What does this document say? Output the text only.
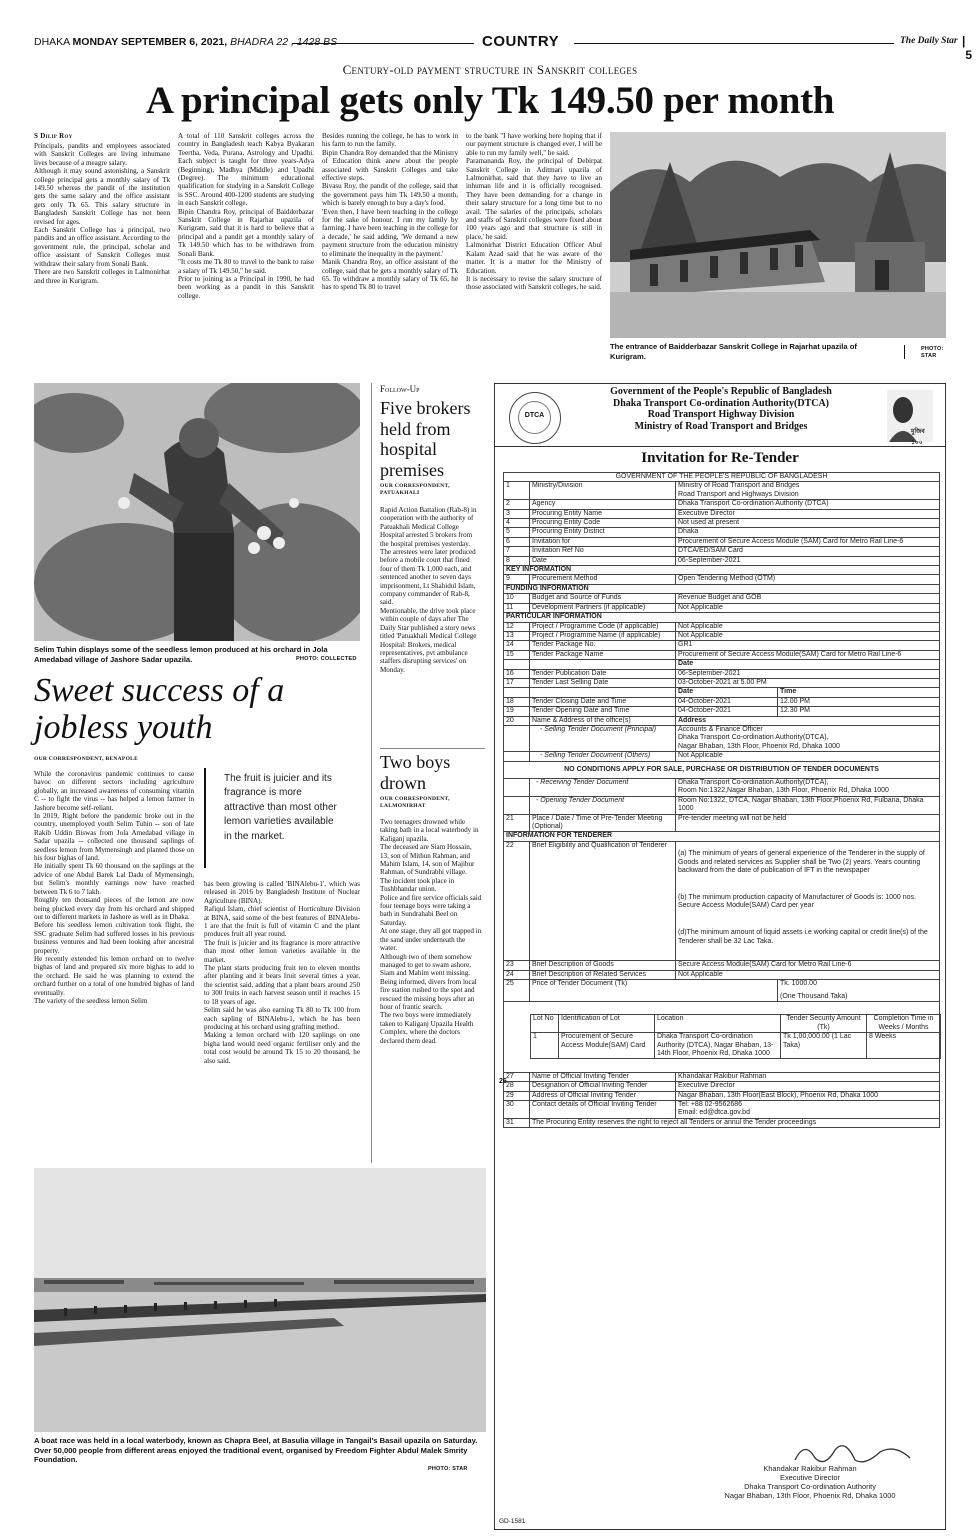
DHAKA MONDAY SEPTEMBER 6, 2021, BHADRA 22 , 1428 BS	COUNTRY	The Daily Star | 5
Century-old payment structure in Sanskrit colleges
A principal gets only Tk 149.50 per month
S Dilip Roy
Principals, pandits and employees associated with Sanskrit Colleges are living inhumane lives because of a meagre salary.
Although it may sound astonishing, a Sanskrit college principal gets a monthly salary of Tk 149.50 whereas the pandit of the institution gets the same salary and the office assistant gets only Tk 65. This salary structure in Bangladesh Sanskrit College has not been revised for ages.
Each Sanskrit College has a principal, two pandits and an office assistant. According to the government rule, the principal, scholar and office assistant of Sanskrit Colleges must withdraw their salary from Sonali Bank.
There are two Sanskrit colleges in Lalmonirhat and three in Kurigram.
A total of 110 Sanskrit colleges across the country in Bangladesh teach Kabya Byakaran Teertha, Veda, Purana, Astrology and Upadhi. Each subject is taught for three years-Adya (Beginning), Madhya (Middle) and Upadhi (Degree). The minimum educational qualification for studying in a Sanskrit College is SSC. Around 400-1200 students are studying in each Sanskrit college.
Bipin Chandra Roy, principal of Baidderbazar Sanskrit College in Rajarhat upazila of Kurigram, said that it is hard to believe that a principal and a pandit get a monthly salary of Tk 149.50 which has to be withdrawn from Sonali Bank.
"It costs me Tk 80 to travel to the bank to raise a salary of Tk 149.50," he said.
Prior to joining as a Principal in 1990, he had been working as a pandit in this Sanskrit college.
Besides running the college, he has to work in his farm to run the family.
Bipin Chandra Roy demanded that the Ministry of Education think anew about the people associated with Sanskrit Colleges and take effective steps.
Bivasu Roy, the pandit of the college, said that the government pays him Tk 149.50 a month, which is barely enough to buy a day's food.
'Even then, I have been teaching in the college for the sake of honour. I run my family by farming. I have been teaching in the college for a decade,' he said adding, 'We demand a new payment structure from the education ministry to eliminate the inequality in the payment.'
Manik Chandra Roy, an office assistant of the college, said that he gets a monthly salary of Tk 65. To withdraw a monthly salary of Tk 65, he has to spend Tk 80 to travel
to the bank "I have working here hoping that if our payment structure is changed ever, I will be able to run my family well," he said.
Paramananda Roy, the principal of Debirpat Sanskrit College in Aditmari upazila of Lalmonirhat, said that they have to live an inhuman life and it is officially recognised. They have been demanding for a change in their salary structure for a long time but to no avail. 'The salaries of the principals, scholars and staffs of Sanskrit colleges were fixed about 100 years ago and that structure is still in place,' he said.
Lalmonirhat District Education Officer Abul Kalam Azad said that he was aware of the matter. It is a matter for the Ministry of Education.
It is necessary to revise the salary structure of those associated with Sanskrit colleges, he said.
The entrance of Baidderbazar Sanskrit College in Rajarhat upazila of Kurigram.
PHOTO: STAR
Selim Tuhin displays some of the seedless lemon produced at his orchard in Jola Amedabad village of Jashore Sadar upazila.	PHOTO: COLLECTED
Sweet success of a jobless youth
OUR CORRESPONDENT, BENAPOLE
While the coronavirus pandemic continues to cause havoc on different sectors including agriculture globally, an increased awareness of consuming vitamin C -- to fight the virus -- has helped a lemon farmer in Jashore become self-reliant.
In 2019, Right before the pandemic broke out in the country, unemployed youth Selim Tuhin -- son of late Rakib Uddin Biswas from Jola Amedabad village in Sadar upazila -- collected one thousand saplings of seedless lemon from Mymensingh and planted those on his four bighas of land.
He initially spent Tk 60 thousand on the saplings at the advice of one Abdul Barek Lal Dadu of Mymensingh, but Selim's monthly earnings now have reached between Tk 6 to 7 lakh.
Roughly ten thousand pieces of the lemon are now being plucked every day from his orchard and shipped out to different markets in Jashore as well as in Dhaka.
Before his seedless lemon cultivation took flight, the SSC graduate Selim had suffered losses in his previous business ventures and had been looking after ancestral property.
He recently extended his lemon orchard on to twelve bighas of land and prepared six more bighas to add to the orchard. He said he was planning to extend the orchard further on a total of one hundred bighas of land eventually.
The variety of the seedless lemon Selim
The fruit is juicier and its fragrance is more attractive than most other lemon varieties available in the market.
has been growing is called 'BINAlebu-1', which was released in 2016 by Bangladesh Institute of Nuclear Agriculture (BINA).
Rafiqul Islam, chief scientist of Horticulture Division at BINA, said some of the best features of BINAlebu-1 are that the fruit is full of vitamin C and the plant produces fruit all year round.
The fruit is juicier and its fragrance is more attractive than most other lemon varieties available in the market.
The plant starts producing fruit ten to eleven months after planting and it bears fruit several times a year, the scientist said, adding that a plant bears around 250 to 300 fruits in each harvest season until it reaches 15 to 18 years of age.
Selim said he was also earning Tk 80 to Tk 100 from each sapling of BINAlebu-1, which he has been producing at his orchard using grafting method.
Making a lemon orchard with 120 saplings on one bigha land would need organic fertiliser only and the total cost would be around Tk 15 to 20 thousand, he also said.
Follow-Up
Five brokers held from hospital premises
OUR CORRESPONDENT, PATUAKHALI
Rapid Action Battalion (Rab-8) in cooperation with the authority of Patuakhali Medical College Hospital arrested 5 brokers from the hospital premises yesterday.
The arrestees were later produced before a mobile court that fined four of them Tk 1,000 each, and sentenced another to seven days imprisonment, Lt Shahidul Islam, company commander of Rab-8, said.
Mentionable, the drive took place within couple of days after The Daily Star published a story news titled 'Patuakhali Medical College Hospital: Brokers, medical representatives, pvt ambulance staffers disrupting services' on Monday.
Two boys drown
OUR CORRESPONDENT, LALMONIRHAT
Two teenagers drowned while taking bath in a local waterbody in Kaliganj upazila.
The deceased are Siam Hossain, 13, son of Mithun Rahman, and Mahim Islam, 14, son of Majibur Rahman, of Sundrabhi village.
The incident took place in Tushbhandar union.
Police and fire service officials said four teenage boys were taking a bath in Sundrahabi Beel on Saturday.
At one stage, they all got trapped in the sand under underneath the water.
Although two of them somehow managed to get to swam ashore, Siam and Mahim went missing.
Being informed, divers from local fire station rushed to the spot and rescued the missing boys after an hour of frantic search.
The two boys were immediately taken to Kaliganj Upazila Health Complex, where the doctors declared them dead.
A boat race was held in a local waterbody, known as Chapra Beel, at Basulia village in Tangail's Basail upazila on Saturday. Over 50,000 people from different areas enjoyed the traditional event, organised by Freedom Fighter Abdul Malek Smrity Foundation.
PHOTO: STAR
DTCA
Government of the People's Republic of Bangladesh
Dhaka Transport Co-ordination Authority(DTCA)
Road Transport Highway Division
Ministry of Road Transport and Bridges
মুজিব ১০০
Invitation for Re-Tender
GOVERNMENT OF THE PEOPLE'S REPUBLIC OF BANGLADESH
1	Ministry/Division	Ministry of Road Transport and Bridges
Road Transport and Highways Division
2	Agency	Dhaka Transport Co-ordination Authority (DTCA)
3	Procuring Entity Name	Executive Director
4	Procuring Entity Code	Not used at present
5	Procuring Entity District	Dhaka
6	Invitation for	Procurement of Secure Access Module (SAM) Card for Metro Rail Line-6
7	Invitation Ref No	DTCA/ED/SAM Card
8	Date	06-September-2021
KEY INFORMATION
9	Procurement Method	Open Tendering Method (OTM)
FUNDING INFORMATION
10	Budget and Source of Funds	Revenue Budget and GOB
11	Development Partners (if applicable)	Not Applicable
PARTICULAR INFORMATION
12	Project / Programme Code (if applicable)	Not Applicable
13	Project / Programme Name (if applicable)	Not Applicable
14	Tender Package No.	GR1
15	Tender Package Name	Procurement of Secure Access Module(SAM) Card for Metro Rail Line-6
		Date
16	Tender Publication Date	06-September-2021
17	Tender Last Selling Date	03-October-2021 at 5.00 PM
		Date	Time
18	Tender Closing Date and Time	04-October-2021	12.00 PM
19	Tender Opening Date and Time	04-October-2021	12.30 PM
20	Name & Address of the office(s)	Address
	- Selling Tender Document (Principal)	Accounts & Finance Officer
Dhaka Transport Co-ordination Authority(DTCA),
Nagar Bhaban, 13th Floor, Phoenix Rd, Dhaka 1000
	- Selling Tender Document (Others)	Not Applicable
NO CONDITIONS APPLY FOR SALE, PURCHASE OR DISTRIBUTION OF TENDER DOCUMENTS
	- Receiving Tender Document	Dhaka Transport Co-ordination Authority(DTCA),
Room No:1322,Nagar Bhaban, 13th Floor, Phoenix Rd, Dhaka 1000
	- Opening Tender Document	Room No:1322, DTCA, Nagar Bhaban, 13th Floor,Phoenix Rd, Fulbaria, Dhaka 1000
21	Place / Date / Time of Pre-Tender Meeting (Optional)	Pre-tender meeting will not be held
INFORMATION FOR TENDERER
22	Brief Eligibility and Qualification of Tenderer	

(a) The minimum of years of general experience of the Tenderer in the supply of Goods and related services as Supplier shall be Two (2) years. Years counting backward from the date of publication of IFT in the newspaper

(b) The minimum production capacity of Manufacturer of Goods is: 1000 nos. Secure Access Module(SAM) Card per year

(d)The minimum amount of liquid assets i.e working capital or credit line(s) of the Tenderer shall be 32 Lac Taka.

23	Brief Description of Goods	Secure Access Module(SAM) Card for Metro Rail Line-6
24	Brief Description of Related Services	Not Applicable
25	Price of Tender Document (Tk)	Tk. 1000.00
(One Thousand Taka)

Lot No	Identification of Lot	Location	Tender Security Amount (Tk)	Completion Time in Weeks / Months
1	Procurement of Secure Access Module(SAM) Card	Dhaka Transport Co-ordination Authority (DTCA), Nagar Bhaban, 13-14th Floor, Phoenix Rd, Dhaka 1000	Tk 1,00,000.00 (1 Lac Taka)	8 Weeks

27	Name of Official Inviting Tender	Khandakar Rakibur Rahman
28	Designation of Official Inviting Tender	Executive Director
29	Address of Official Inviting Tender	Nagar Bhaban, 13th Floor(East Block), Phoenix Rd, Dhaka 1000
30	Contact details of Official Inviting Tender	Tel: +88 02-9562686
Email: ed@dtca.gov.bd
31	The Procuring Entity reserves the right to reject all Tenders or annul the Tender proceedings
26
Khandakar Rakibur Rahman
Executive Director
Dhaka Transport Co-ordination Authority
Nagar Bhaban, 13th Floor, Phoenix Rd, Dhaka 1000
GD-1581
